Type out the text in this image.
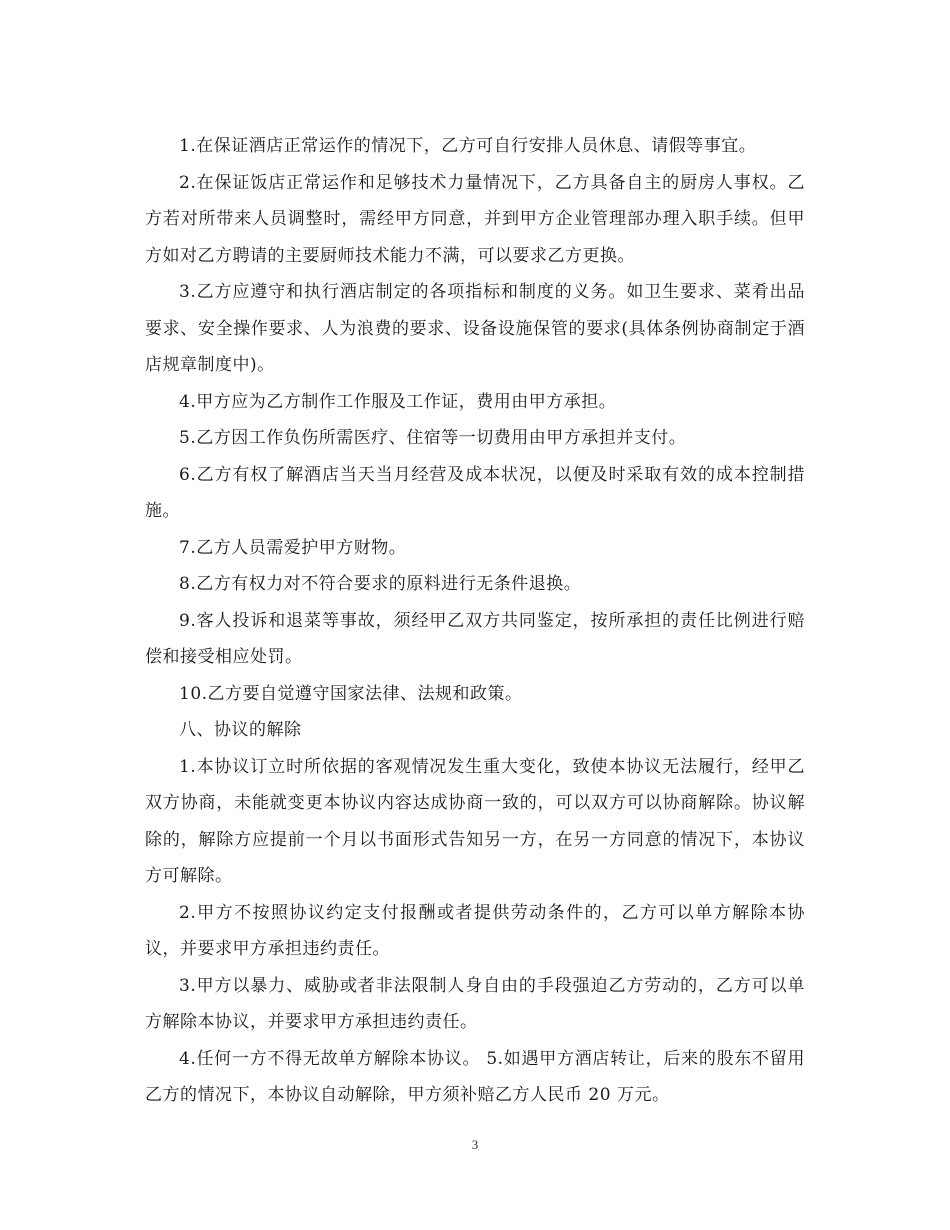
1.在保证酒店正常运作的情况下，乙方可自行安排人员休息、请假等事宜。

2.在保证饭店正常运作和足够技术力量情况下，乙方具备自主的厨房人事权。乙方若对所带来人员调整时，需经甲方同意，并到甲方企业管理部办理入职手续。但甲方如对乙方聘请的主要厨师技术能力不满，可以要求乙方更换。

3.乙方应遵守和执行酒店制定的各项指标和制度的义务。如卫生要求、菜肴出品要求、安全操作要求、人为浪费的要求、设备设施保管的要求(具体条例协商制定于酒店规章制度中)。

4.甲方应为乙方制作工作服及工作证，费用由甲方承担。

5.乙方因工作负伤所需医疗、住宿等一切费用由甲方承担并支付。

6.乙方有权了解酒店当天当月经营及成本状况，以便及时采取有效的成本控制措施。

7.乙方人员需爱护甲方财物。

8.乙方有权力对不符合要求的原料进行无条件退换。

9.客人投诉和退菜等事故，须经甲乙双方共同鉴定，按所承担的责任比例进行赔偿和接受相应处罚。

10.乙方要自觉遵守国家法律、法规和政策。

八、协议的解除

1.本协议订立时所依据的客观情况发生重大变化，致使本协议无法履行，经甲乙 双方协商，未能就变更本协议内容达成协商一致的，可以双方可以协商解除。协议解除的，解除方应提前一个月以书面形式告知另一方，在另一方同意的情况下，本协议方可解除。

2.甲方不按照协议约定支付报酬或者提供劳动条件的，乙方可以单方解除本协议，并要求甲方承担违约责任。

3.甲方以暴力、威胁或者非法限制人身自由的手段强迫乙方劳动的，乙方可以单方解除本协议，并要求甲方承担违约责任。

4.任何一方不得无故单方解除本协议。 5.如遇甲方酒店转让，后来的股东不留用乙方的情况下，本协议自动解除，甲方须补赔乙方人民币 20 万元。

3
